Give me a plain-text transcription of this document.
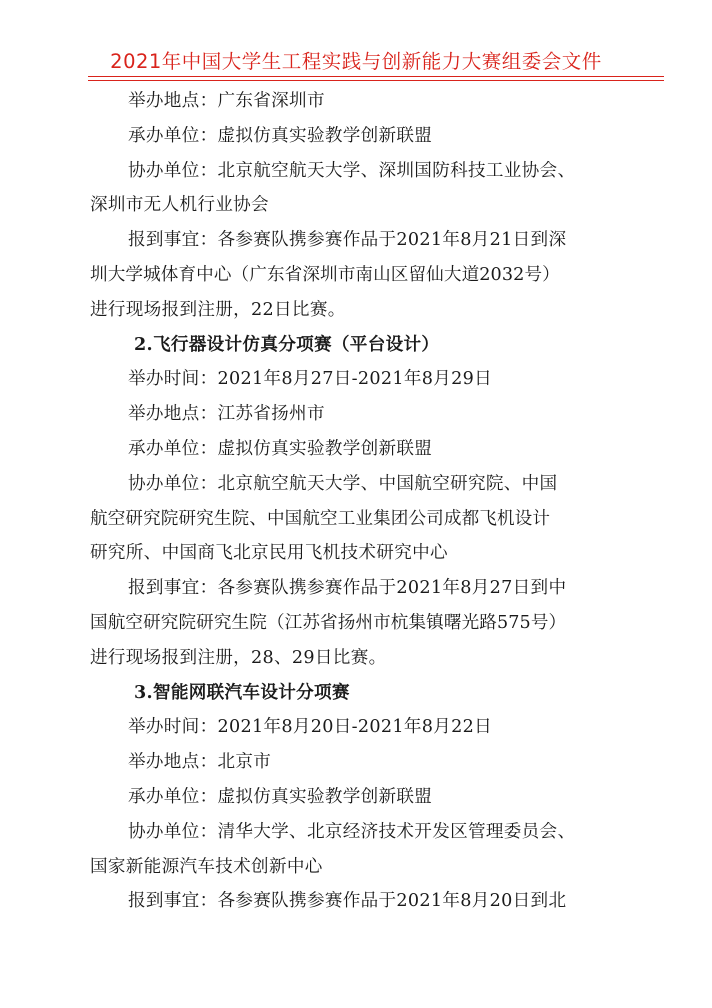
2021年中国大学生工程实践与创新能力大赛组委会文件
举办地点：广东省深圳市
承办单位：虚拟仿真实验教学创新联盟
协办单位：北京航空航天大学、深圳国防科技工业协会、
深圳市无人机行业协会
报到事宜：各参赛队携参赛作品于2021年8月21日到深
圳大学城体育中心（广东省深圳市南山区留仙大道2032号）
进行现场报到注册，22日比赛。
2.飞行器设计仿真分项赛（平台设计）
举办时间：2021年8月27日-2021年8月29日
举办地点：江苏省扬州市
承办单位：虚拟仿真实验教学创新联盟
协办单位：北京航空航天大学、中国航空研究院、中国
航空研究院研究生院、中国航空工业集团公司成都飞机设计
研究所、中国商飞北京民用飞机技术研究中心
报到事宜：各参赛队携参赛作品于2021年8月27日到中
国航空研究院研究生院（江苏省扬州市杭集镇曙光路575号）
进行现场报到注册，28、29日比赛。
3.智能网联汽车设计分项赛
举办时间：2021年8月20日-2021年8月22日
举办地点：北京市
承办单位：虚拟仿真实验教学创新联盟
协办单位：清华大学、北京经济技术开发区管理委员会、
国家新能源汽车技术创新中心
报到事宜：各参赛队携参赛作品于2021年8月20日到北
